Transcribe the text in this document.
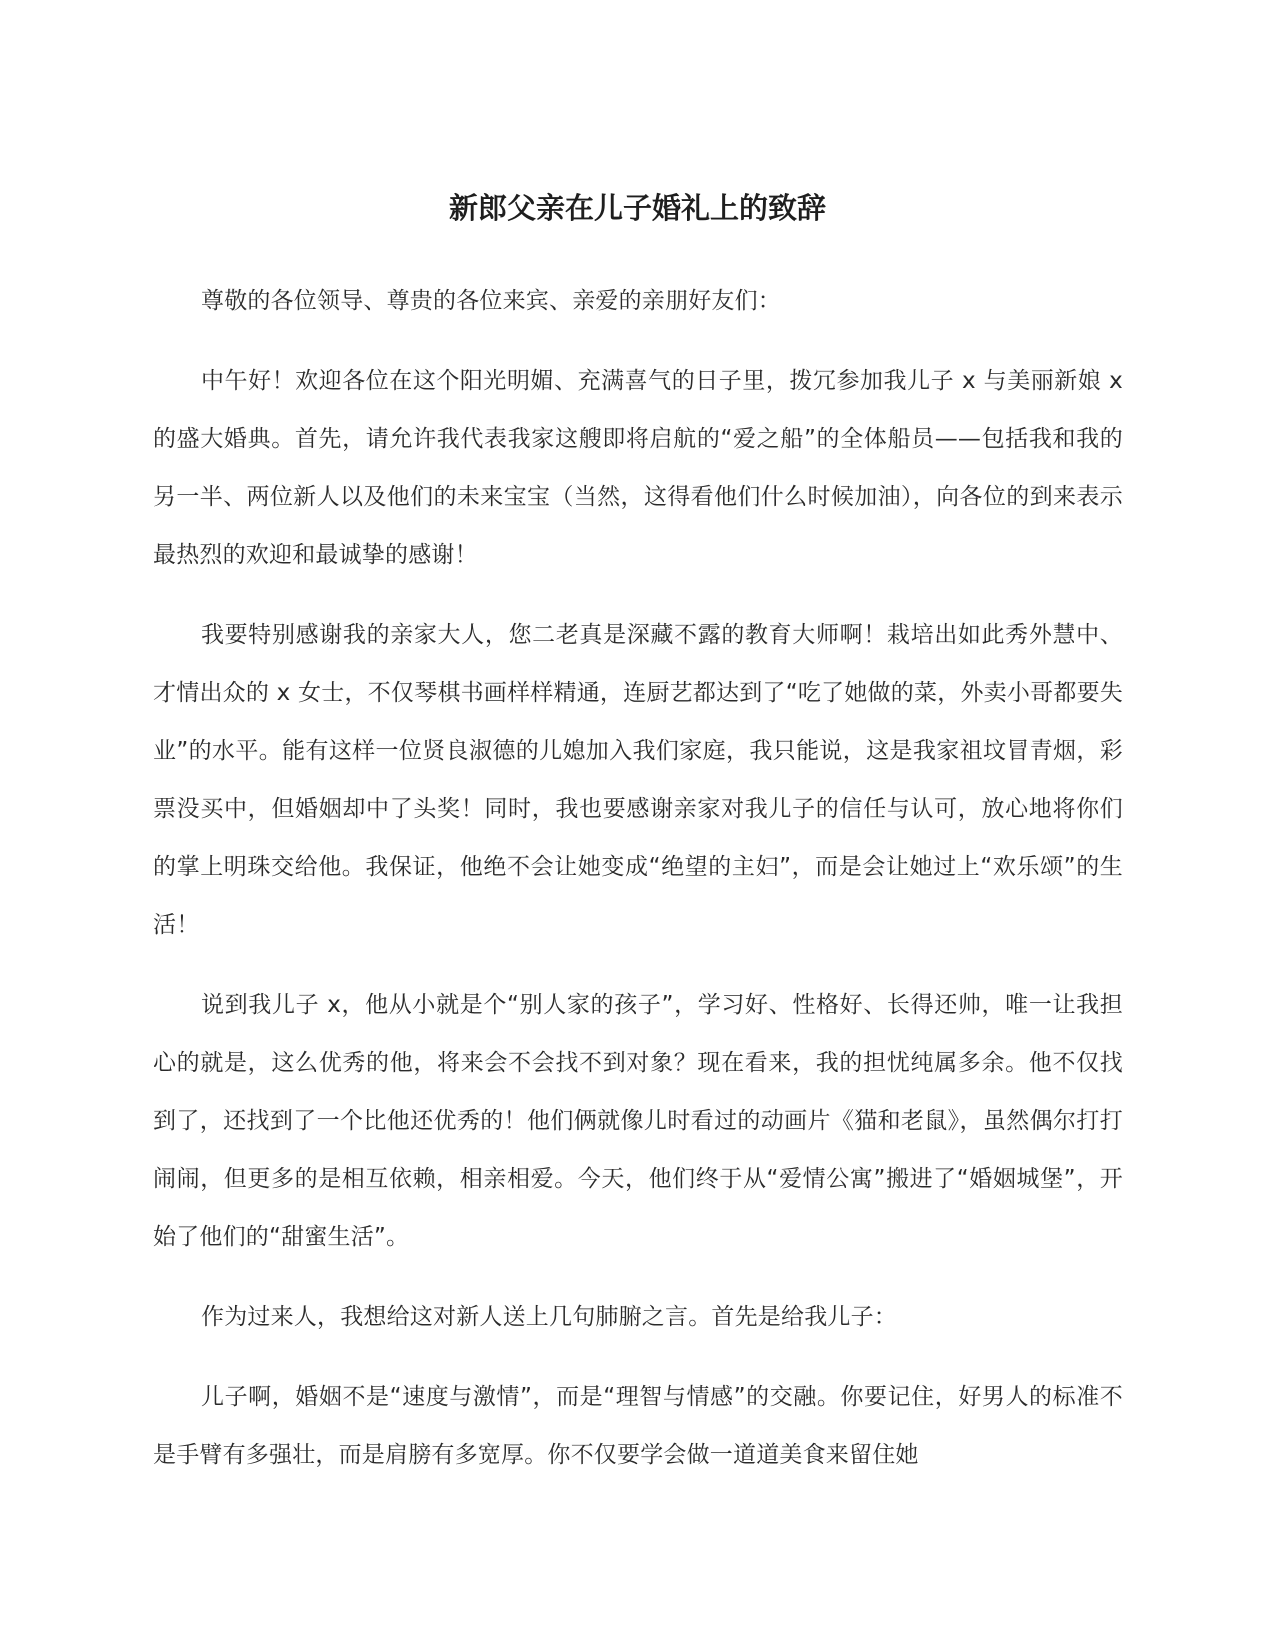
新郎父亲在儿子婚礼上的致辞

尊敬的各位领导、尊贵的各位来宾、亲爱的亲朋好友们：

中午好！欢迎各位在这个阳光明媚、充满喜气的日子里，拨冗参加我儿子 x 与美丽新娘 x 的盛大婚典。首先，请允许我代表我家这艘即将启航的“爱之船”的全体船员——包括我和我的另一半、两位新人以及他们的未来宝宝（当然，这得看他们什么时候加油），向各位的到来表示最热烈的欢迎和最诚挚的感谢！

我要特别感谢我的亲家大人，您二老真是深藏不露的教育大师啊！栽培出如此秀外慧中、才情出众的 x 女士，不仅琴棋书画样样精通，连厨艺都达到了“吃了她做的菜，外卖小哥都要失业”的水平。能有这样一位贤良淑德的儿媳加入我们家庭，我只能说，这是我家祖坟冒青烟，彩票没买中，但婚姻却中了头奖！同时，我也要感谢亲家对我儿子的信任与认可，放心地将你们的掌上明珠交给他。我保证，他绝不会让她变成“绝望的主妇”，而是会让她过上“欢乐颂”的生活！

说到我儿子 x，他从小就是个“别人家的孩子”，学习好、性格好、长得还帅，唯一让我担心的就是，这么优秀的他，将来会不会找不到对象？现在看来，我的担忧纯属多余。他不仅找到了，还找到了一个比他还优秀的！他们俩就像儿时看过的动画片《猫和老鼠》，虽然偶尔打打闹闹，但更多的是相互依赖，相亲相爱。今天，他们终于从“爱情公寓”搬进了“婚姻城堡”，开始了他们的“甜蜜生活”。

作为过来人，我想给这对新人送上几句肺腑之言。首先是给我儿子：

儿子啊，婚姻不是“速度与激情”，而是“理智与情感”的交融。你要记住，好男人的标准不是手臂有多强壮，而是肩膀有多宽厚。你不仅要学会做一道道美食来留住她
